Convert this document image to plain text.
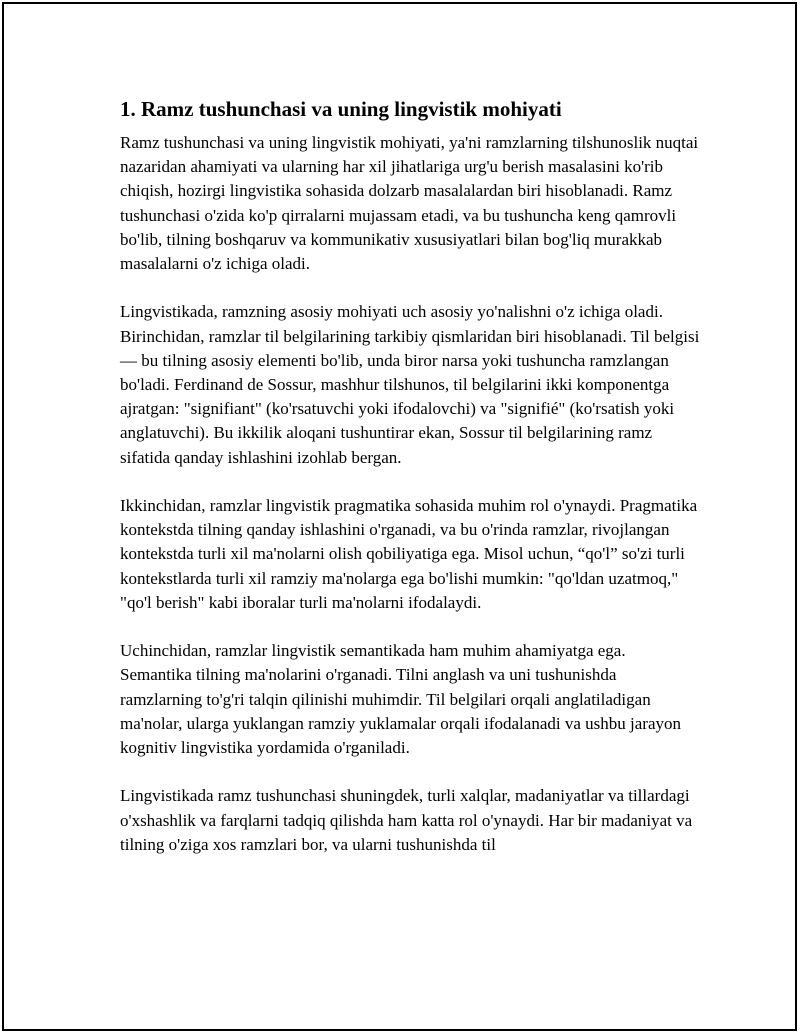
1. Ramz tushunchasi va uning lingvistik mohiyati

Ramz tushunchasi va uning lingvistik mohiyati, ya'ni ramzlarning tilshunoslik nuqtai nazaridan ahamiyati va ularning har xil jihatlariga urg'u berish masalasini ko'rib chiqish, hozirgi lingvistika sohasida dolzarb masalalardan biri hisoblanadi. Ramz tushunchasi o'zida ko'p qirralarni mujassam etadi, va bu tushuncha keng qamrovli bo'lib, tilning boshqaruv va kommunikativ xususiyatlari bilan bog'liq murakkab masalalarni o'z ichiga oladi.

Lingvistikada, ramzning asosiy mohiyati uch asosiy yo'nalishni o'z ichiga oladi. Birinchidan, ramzlar til belgilarining tarkibiy qismlaridan biri hisoblanadi. Til belgisi — bu tilning asosiy elementi bo'lib, unda biror narsa yoki tushuncha ramzlangan bo'ladi. Ferdinand de Sossur, mashhur tilshunos, til belgilarini ikki komponentga ajratgan: "signifiant" (ko'rsatuvchi yoki ifodalovchi) va "signifié" (ko'rsatish yoki anglatuvchi). Bu ikkilik aloqani tushuntirar ekan, Sossur til belgilarining ramz sifatida qanday ishlashini izohlab bergan.

Ikkinchidan, ramzlar lingvistik pragmatika sohasida muhim rol o'ynaydi. Pragmatika kontekstda tilning qanday ishlashini o'rganadi, va bu o'rinda ramzlar, rivojlangan kontekstda turli xil ma'nolarni olish qobiliyatiga ega. Misol uchun, “qo'l” so'zi turli kontekstlarda turli xil ramziy ma'nolarga ega bo'lishi mumkin: "qo'ldan uzatmoq," "qo'l berish" kabi iboralar turli ma'nolarni ifodalaydi.

Uchinchidan, ramzlar lingvistik semantikada ham muhim ahamiyatga ega. Semantika tilning ma'nolarini o'rganadi. Tilni anglash va uni tushunishda ramzlarning to'g'ri talqin qilinishi muhimdir. Til belgilari orqali anglatiladigan ma'nolar, ularga yuklangan ramziy yuklamalar orqali ifodalanadi va ushbu jarayon kognitiv lingvistika yordamida o'rganiladi.

Lingvistikada ramz tushunchasi shuningdek, turli xalqlar, madaniyatlar va tillardagi o'xshashlik va farqlarni tadqiq qilishda ham katta rol o'ynaydi. Har bir madaniyat va tilning o'ziga xos ramzlari bor, va ularni tushunishda til
